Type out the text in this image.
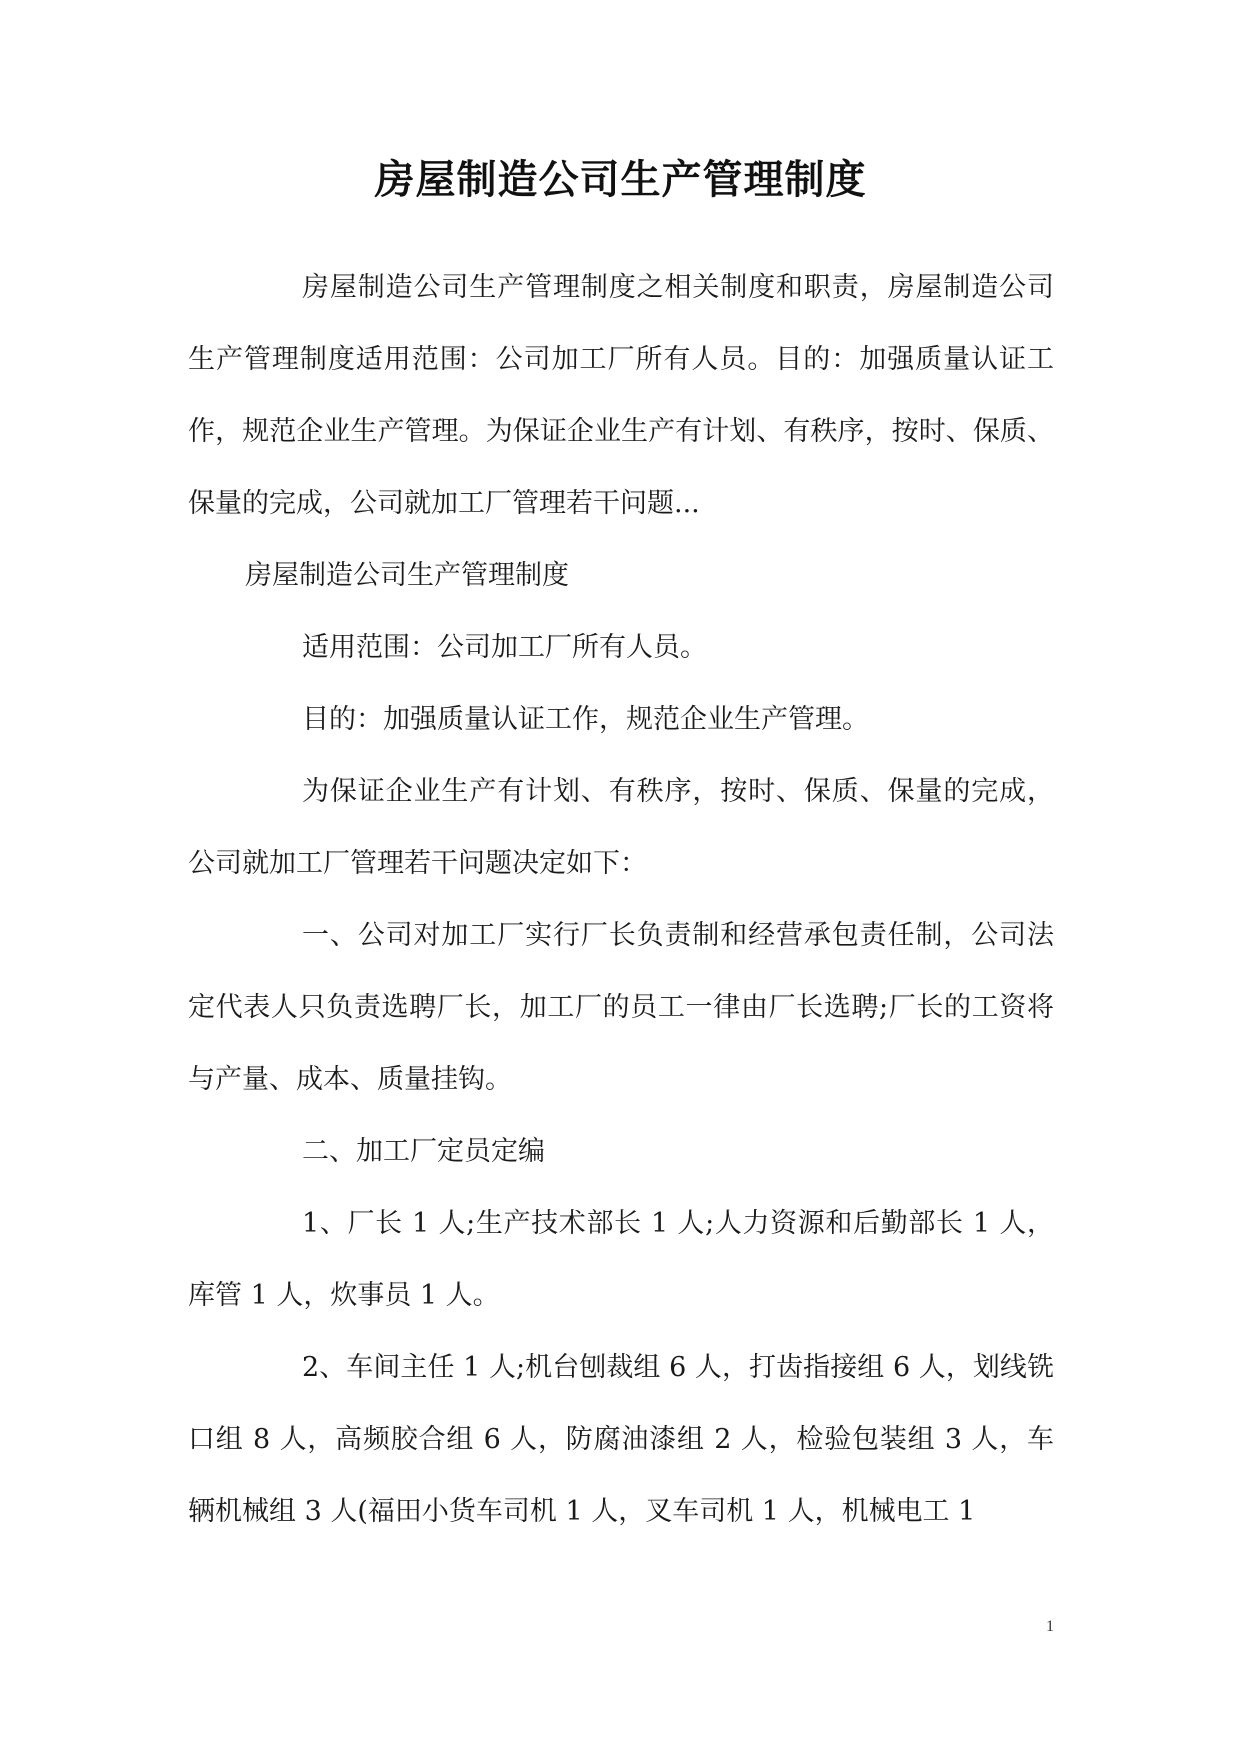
房屋制造公司生产管理制度

房屋制造公司生产管理制度之相关制度和职责，房屋制造公司生产管理制度适用范围：公司加工厂所有人员。目的：加强质量认证工作，规范企业生产管理。为保证企业生产有计划、有秩序，按时、保质、保量的完成，公司就加工厂管理若干问题...

房屋制造公司生产管理制度

适用范围：公司加工厂所有人员。

目的：加强质量认证工作，规范企业生产管理。

为保证企业生产有计划、有秩序，按时、保质、保量的完成，公司就加工厂管理若干问题决定如下：

一、公司对加工厂实行厂长负责制和经营承包责任制，公司法定代表人只负责选聘厂长，加工厂的员工一律由厂长选聘;厂长的工资将与产量、成本、质量挂钩。

二、加工厂定员定编

1、厂长 1 人;生产技术部长 1 人;人力资源和后勤部长 1 人，库管 1 人，炊事员 1 人。

2、车间主任 1 人;机台刨裁组 6 人，打齿指接组 6 人，划线铣口组 8 人，高频胶合组 6 人，防腐油漆组 2 人，检验包装组 3 人，车辆机械组 3 人(福田小货车司机 1 人，叉车司机 1 人，机械电工 1

1
